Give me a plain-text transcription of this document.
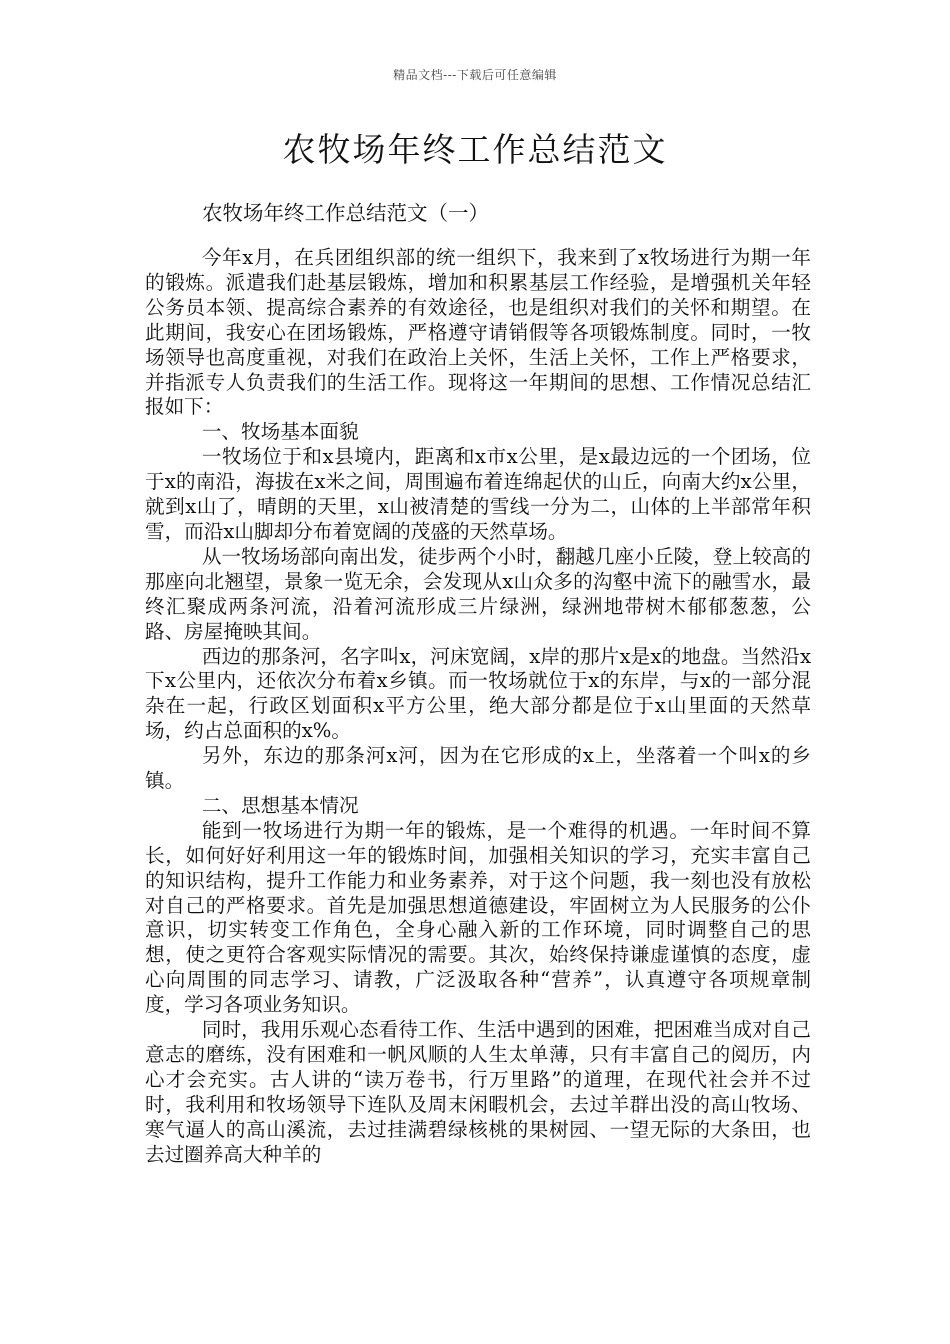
精品文档---下载后可任意编辑
农牧场年终工作总结范文
农牧场年终工作总结范文（一）

今年x月，在兵团组织部的统一组织下，我来到了x牧场进行为期一年的锻炼。派遣我们赴基层锻炼，增加和积累基层工作经验，是增强机关年轻公务员本领、提高综合素养的有效途径，也是组织对我们的关怀和期望。在此期间，我安心在团场锻炼，严格遵守请销假等各项锻炼制度。同时，一牧场领导也高度重视，对我们在政治上关怀，生活上关怀，工作上严格要求，并指派专人负责我们的生活工作。现将这一年期间的思想、工作情况总结汇报如下：

一、牧场基本面貌

一牧场位于和x县境内，距离和x市x公里，是x最边远的一个团场，位于x的南沿，海拔在x米之间，周围遍布着连绵起伏的山丘，向南大约x公里，就到x山了，晴朗的天里，x山被清楚的雪线一分为二，山体的上半部常年积雪，而沿x山脚却分布着宽阔的茂盛的天然草场。

从一牧场场部向南出发，徒步两个小时，翻越几座小丘陵，登上较高的那座向北翘望，景象一览无余，会发现从x山众多的沟壑中流下的融雪水，最终汇聚成两条河流，沿着河流形成三片绿洲，绿洲地带树木郁郁葱葱，公路、房屋掩映其间。

西边的那条河，名字叫x，河床宽阔，x岸的那片x是x的地盘。当然沿x下x公里内，还依次分布着x乡镇。而一牧场就位于x的东岸，与x的一部分混杂在一起，行政区划面积x平方公里，绝大部分都是位于x山里面的天然草场，约占总面积的x%。

另外，东边的那条河x河，因为在它形成的x上，坐落着一个叫x的乡镇。

二、思想基本情况

能到一牧场进行为期一年的锻炼，是一个难得的机遇。一年时间不算长，如何好好利用这一年的锻炼时间，加强相关知识的学习，充实丰富自己的知识结构，提升工作能力和业务素养，对于这个问题，我一刻也没有放松对自己的严格要求。首先是加强思想道德建设，牢固树立为人民服务的公仆意识，切实转变工作角色，全身心融入新的工作环境，同时调整自己的思想，使之更符合客观实际情况的需要。其次，始终保持谦虚谨慎的态度，虚心向周围的同志学习、请教，广泛汲取各种“营养”，认真遵守各项规章制度，学习各项业务知识。

同时，我用乐观心态看待工作、生活中遇到的困难，把困难当成对自己意志的磨练，没有困难和一帆风顺的人生太单薄，只有丰富自己的阅历，内心才会充实。古人讲的“读万卷书，行万里路”的道理，在现代社会并不过时，我利用和牧场领导下连队及周末闲暇机会，去过羊群出没的高山牧场、寒气逼人的高山溪流，去过挂满碧绿核桃的果树园、一望无际的大条田，也去过圈养高大种羊的
